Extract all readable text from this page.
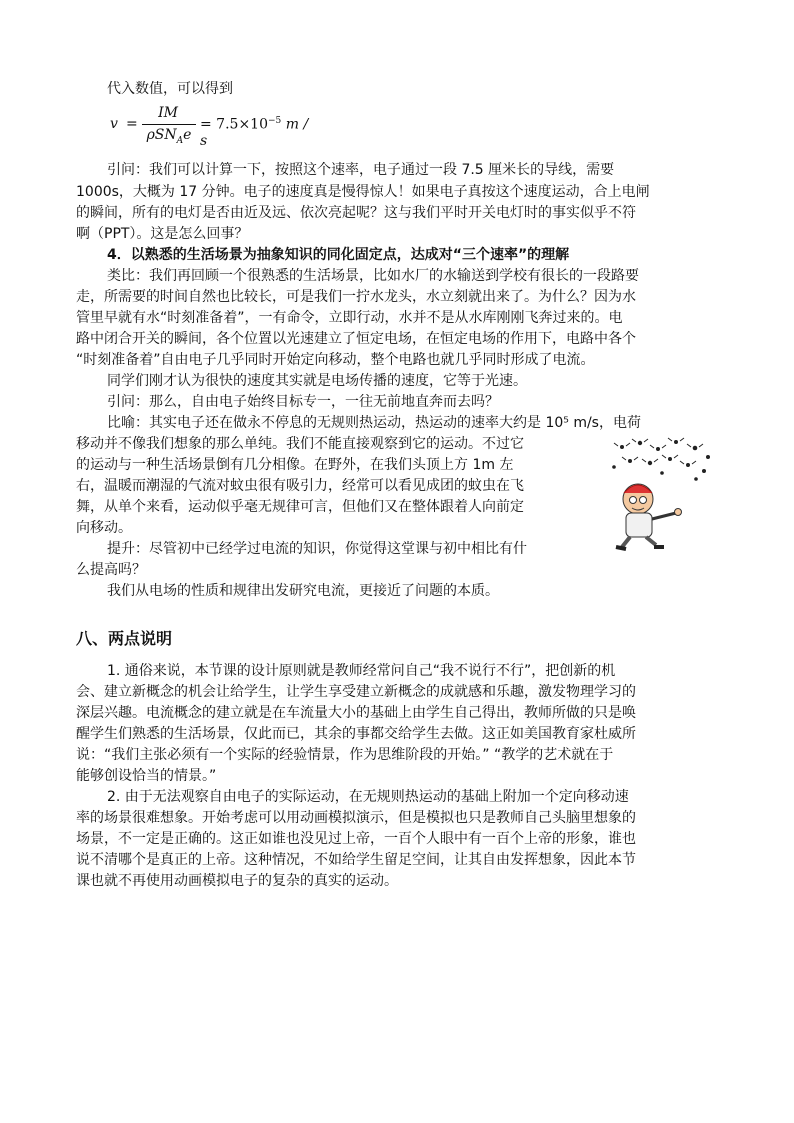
代入数值，可以得到
v =
IM
ρSN$_A$e
= $7.5\times 10^{-5}$ m / s
引问：我们可以计算一下，按照这个速率，电子通过一段 7.5 厘米长的导线，需要
1000s，大概为 17 分钟。电子的速度真是慢得惊人！如果电子真按这个速度运动，合上电闸
的瞬间，所有的电灯是否由近及远、依次亮起呢？这与我们平时开关电灯时的事实似乎不符
啊（PPT）。这是怎么回事？
4．以熟悉的生活场景为抽象知识的同化固定点，达成对“三个速率”的理解
类比：我们再回顾一个很熟悉的生活场景，比如水厂的水输送到学校有很长的一段路要
走，所需要的时间自然也比较长，可是我们一拧水龙头，水立刻就出来了。为什么？因为水
管里早就有水“时刻准备着”，一有命令，立即行动，水并不是从水库刚刚飞奔过来的。电
路中闭合开关的瞬间，各个位置以光速建立了恒定电场，在恒定电场的作用下，电路中各个
“时刻准备着”自由电子几乎同时开始定向移动，整个电路也就几乎同时形成了电流。
同学们刚才认为很快的速度其实就是电场传播的速度，它等于光速。
引问：那么，自由电子始终目标专一，一往无前地直奔而去吗？
比喻：其实电子还在做永不停息的无规则热运动，热运动的速率大约是 10⁵ m/s，电荷
移动并不像我们想象的那么单纯。我们不能直接观察到它的运动。不过它
的运动与一种生活场景倒有几分相像。在野外，在我们头顶上方 1m 左
右，温暖而潮湿的气流对蚊虫很有吸引力，经常可以看见成团的蚊虫在飞
舞，从单个来看，运动似乎毫无规律可言，但他们又在整体跟着人向前定
向移动。
提升：尽管初中已经学过电流的知识，你觉得这堂课与初中相比有什
么提高吗？
我们从电场的性质和规律出发研究电流，更接近了问题的本质。
八、两点说明
1. 通俗来说，本节课的设计原则就是教师经常问自己“我不说行不行”，把创新的机
会、建立新概念的机会让给学生，让学生享受建立新概念的成就感和乐趣，激发物理学习的
深层兴趣。电流概念的建立就是在车流量大小的基础上由学生自己得出，教师所做的只是唤
醒学生们熟悉的生活场景，仅此而已，其余的事都交给学生去做。这正如美国教育家杜威所
说：“我们主张必须有一个实际的经验情景，作为思维阶段的开始。” “教学的艺术就在于
能够创设恰当的情景。”
2. 由于无法观察自由电子的实际运动，在无规则热运动的基础上附加一个定向移动速
率的场景很难想象。开始考虑可以用动画模拟演示，但是模拟也只是教师自己头脑里想象的
场景，不一定是正确的。这正如谁也没见过上帝，一百个人眼中有一百个上帝的形象，谁也
说不清哪个是真正的上帝。这种情况，不如给学生留足空间，让其自由发挥想象，因此本节
课也就不再使用动画模拟电子的复杂的真实的运动。
